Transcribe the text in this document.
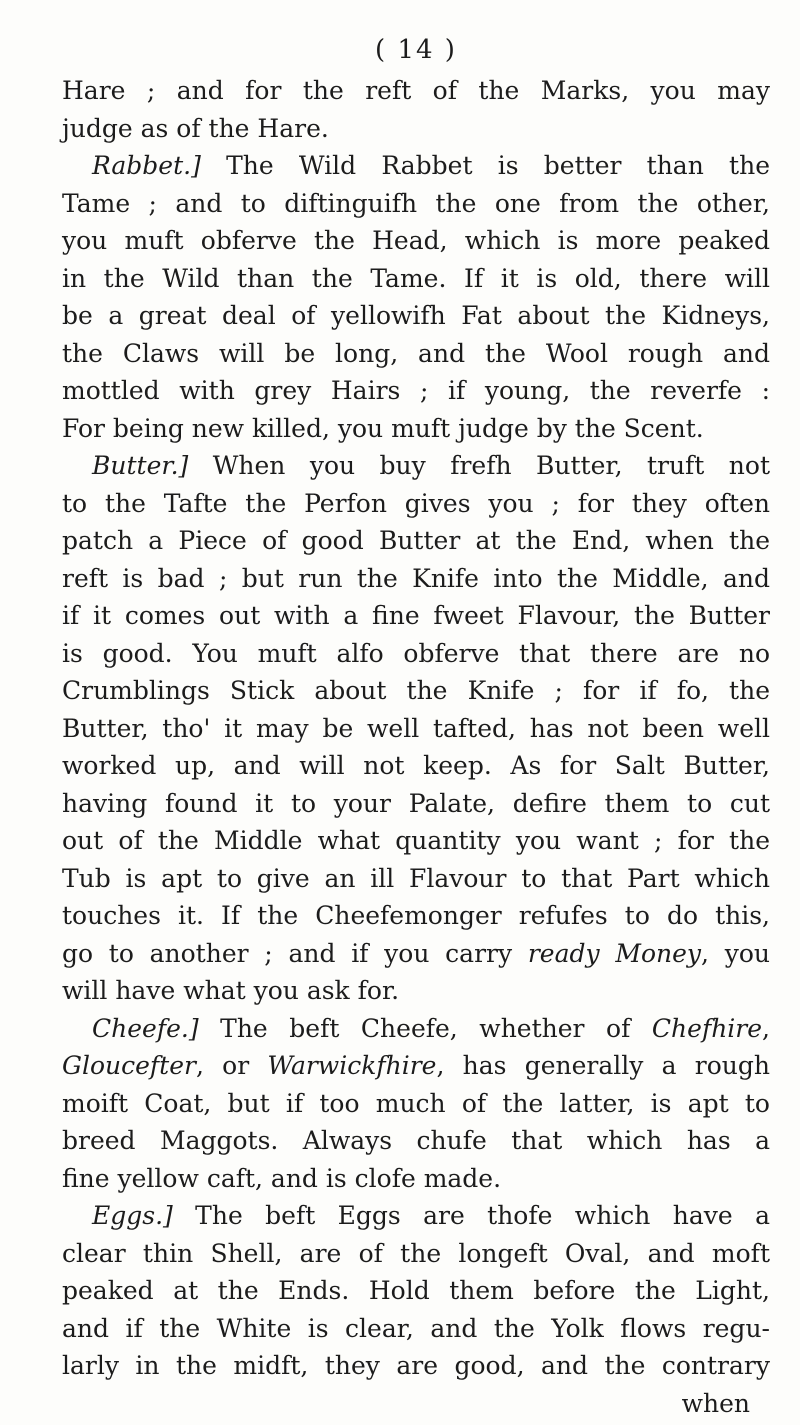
( 14 )
Hare ; and for the reft of the Marks, you may
judge as of the Hare.
Rabbet.] The Wild Rabbet is better than the
Tame ; and to diftinguifh the one from the other,
you muft obferve the Head, which is more peaked
in the Wild than the Tame. If it is old, there will
be a great deal of yellowifh Fat about the Kidneys,
the Claws will be long, and the Wool rough and
mottled with grey Hairs ; if young, the reverfe :
For being new killed, you muft judge by the Scent.
Butter.] When you buy frefh Butter, truft not
to the Tafte the Perfon gives you ; for they often
patch a Piece of good Butter at the End, when the
reft is bad ; but run the Knife into the Middle, and
if it comes out with a fine fweet Flavour, the Butter
is good. You muft alfo obferve that there are no
Crumblings Stick about the Knife ; for if fo, the
Butter, tho' it may be well tafted, has not been well
worked up, and will not keep. As for Salt Butter,
having found it to your Palate, defire them to cut
out of the Middle what quantity you want ; for the
Tub is apt to give an ill Flavour to that Part which
touches it. If the Cheefemonger refufes to do this,
go to another ; and if you carry ready Money, you
will have what you ask for.
Cheefe.] The beft Cheefe, whether of Chefhire,
Gloucefter, or Warwickfhire, has generally a rough
moift Coat, but if too much of the latter, is apt to
breed Maggots. Always chufe that which has a
fine yellow caft, and is clofe made.
Eggs.] The beft Eggs are thofe which have a
clear thin Shell, are of the longeft Oval, and moft
peaked at the Ends. Hold them before the Light,
and if the White is clear, and the Yolk flows regu-
larly in the midft, they are good, and the contrary
when
